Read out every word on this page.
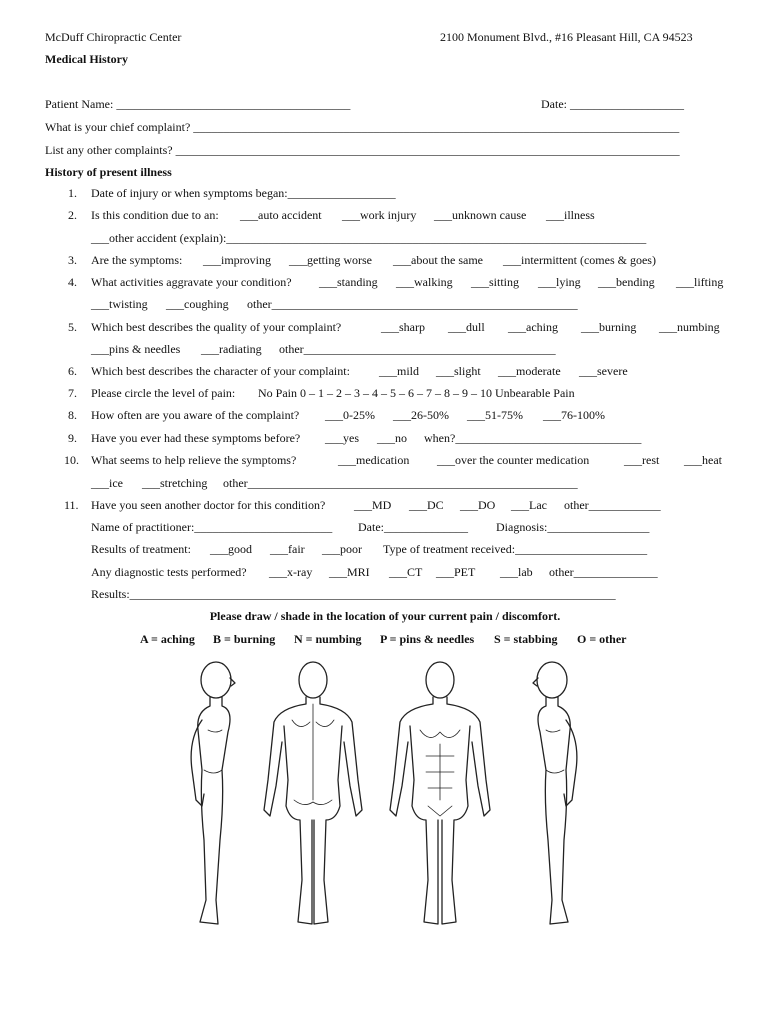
McDuff Chiropractic Center	2100 Monument Blvd., #16 Pleasant Hill, CA 94523
Medical History
Patient Name: _______________________________________	Date: ___________________
What is your chief complaint? _________________________________________________________________________________
List any other complaints? ____________________________________________________________________________________
History of present illness
1. Date of injury or when symptoms began:__________________
2. Is this condition due to an: ___auto accident ___work injury ___unknown cause ___illness
___other accident (explain):______________________________________________________________________
3. Are the symptoms: ___improving ___getting worse ___about the same ___intermittent (comes & goes)
4. What activities aggravate your condition? ___standing ___walking ___sitting ___lying ___bending ___lifting
___twisting ___coughing other___________________________________________________
5. Which best describes the quality of your complaint?	___sharp ___dull ___aching ___burning ___numbing
___pins & needles ___radiating other__________________________________________
6. Which best describes the character of your complaint: ___mild ___slight ___moderate ___severe
7. Please circle the level of pain: No Pain 0 – 1 – 2 – 3 – 4 – 5 – 6 – 7 – 8 – 9 – 10 Unbearable Pain
8. How often are you aware of the complaint? ___0-25% ___26-50% ___51-75% ___76-100%
9. Have you ever had these symptoms before? ___yes ___no when?_______________________________
10. What seems to help relieve the symptoms?	___medication ___over the counter medication	___rest ___heat
___ice ___stretching other_______________________________________________________
11. Have you seen another doctor for this condition? ___MD ___DC ___DO ___Lac other____________
Name of practitioner:_______________________ Date:______________ Diagnosis:_________________
Results of treatment: ___good ___fair ___poor Type of treatment received:______________________
Any diagnostic tests performed? ___x-ray ___MRI ___CT ___PET ___lab other______________
Results:_________________________________________________________________________________
Please draw / shade in the location of your current pain / discomfort.
A = aching B = burning N = numbing P = pins & needles S = stabbing O = other
